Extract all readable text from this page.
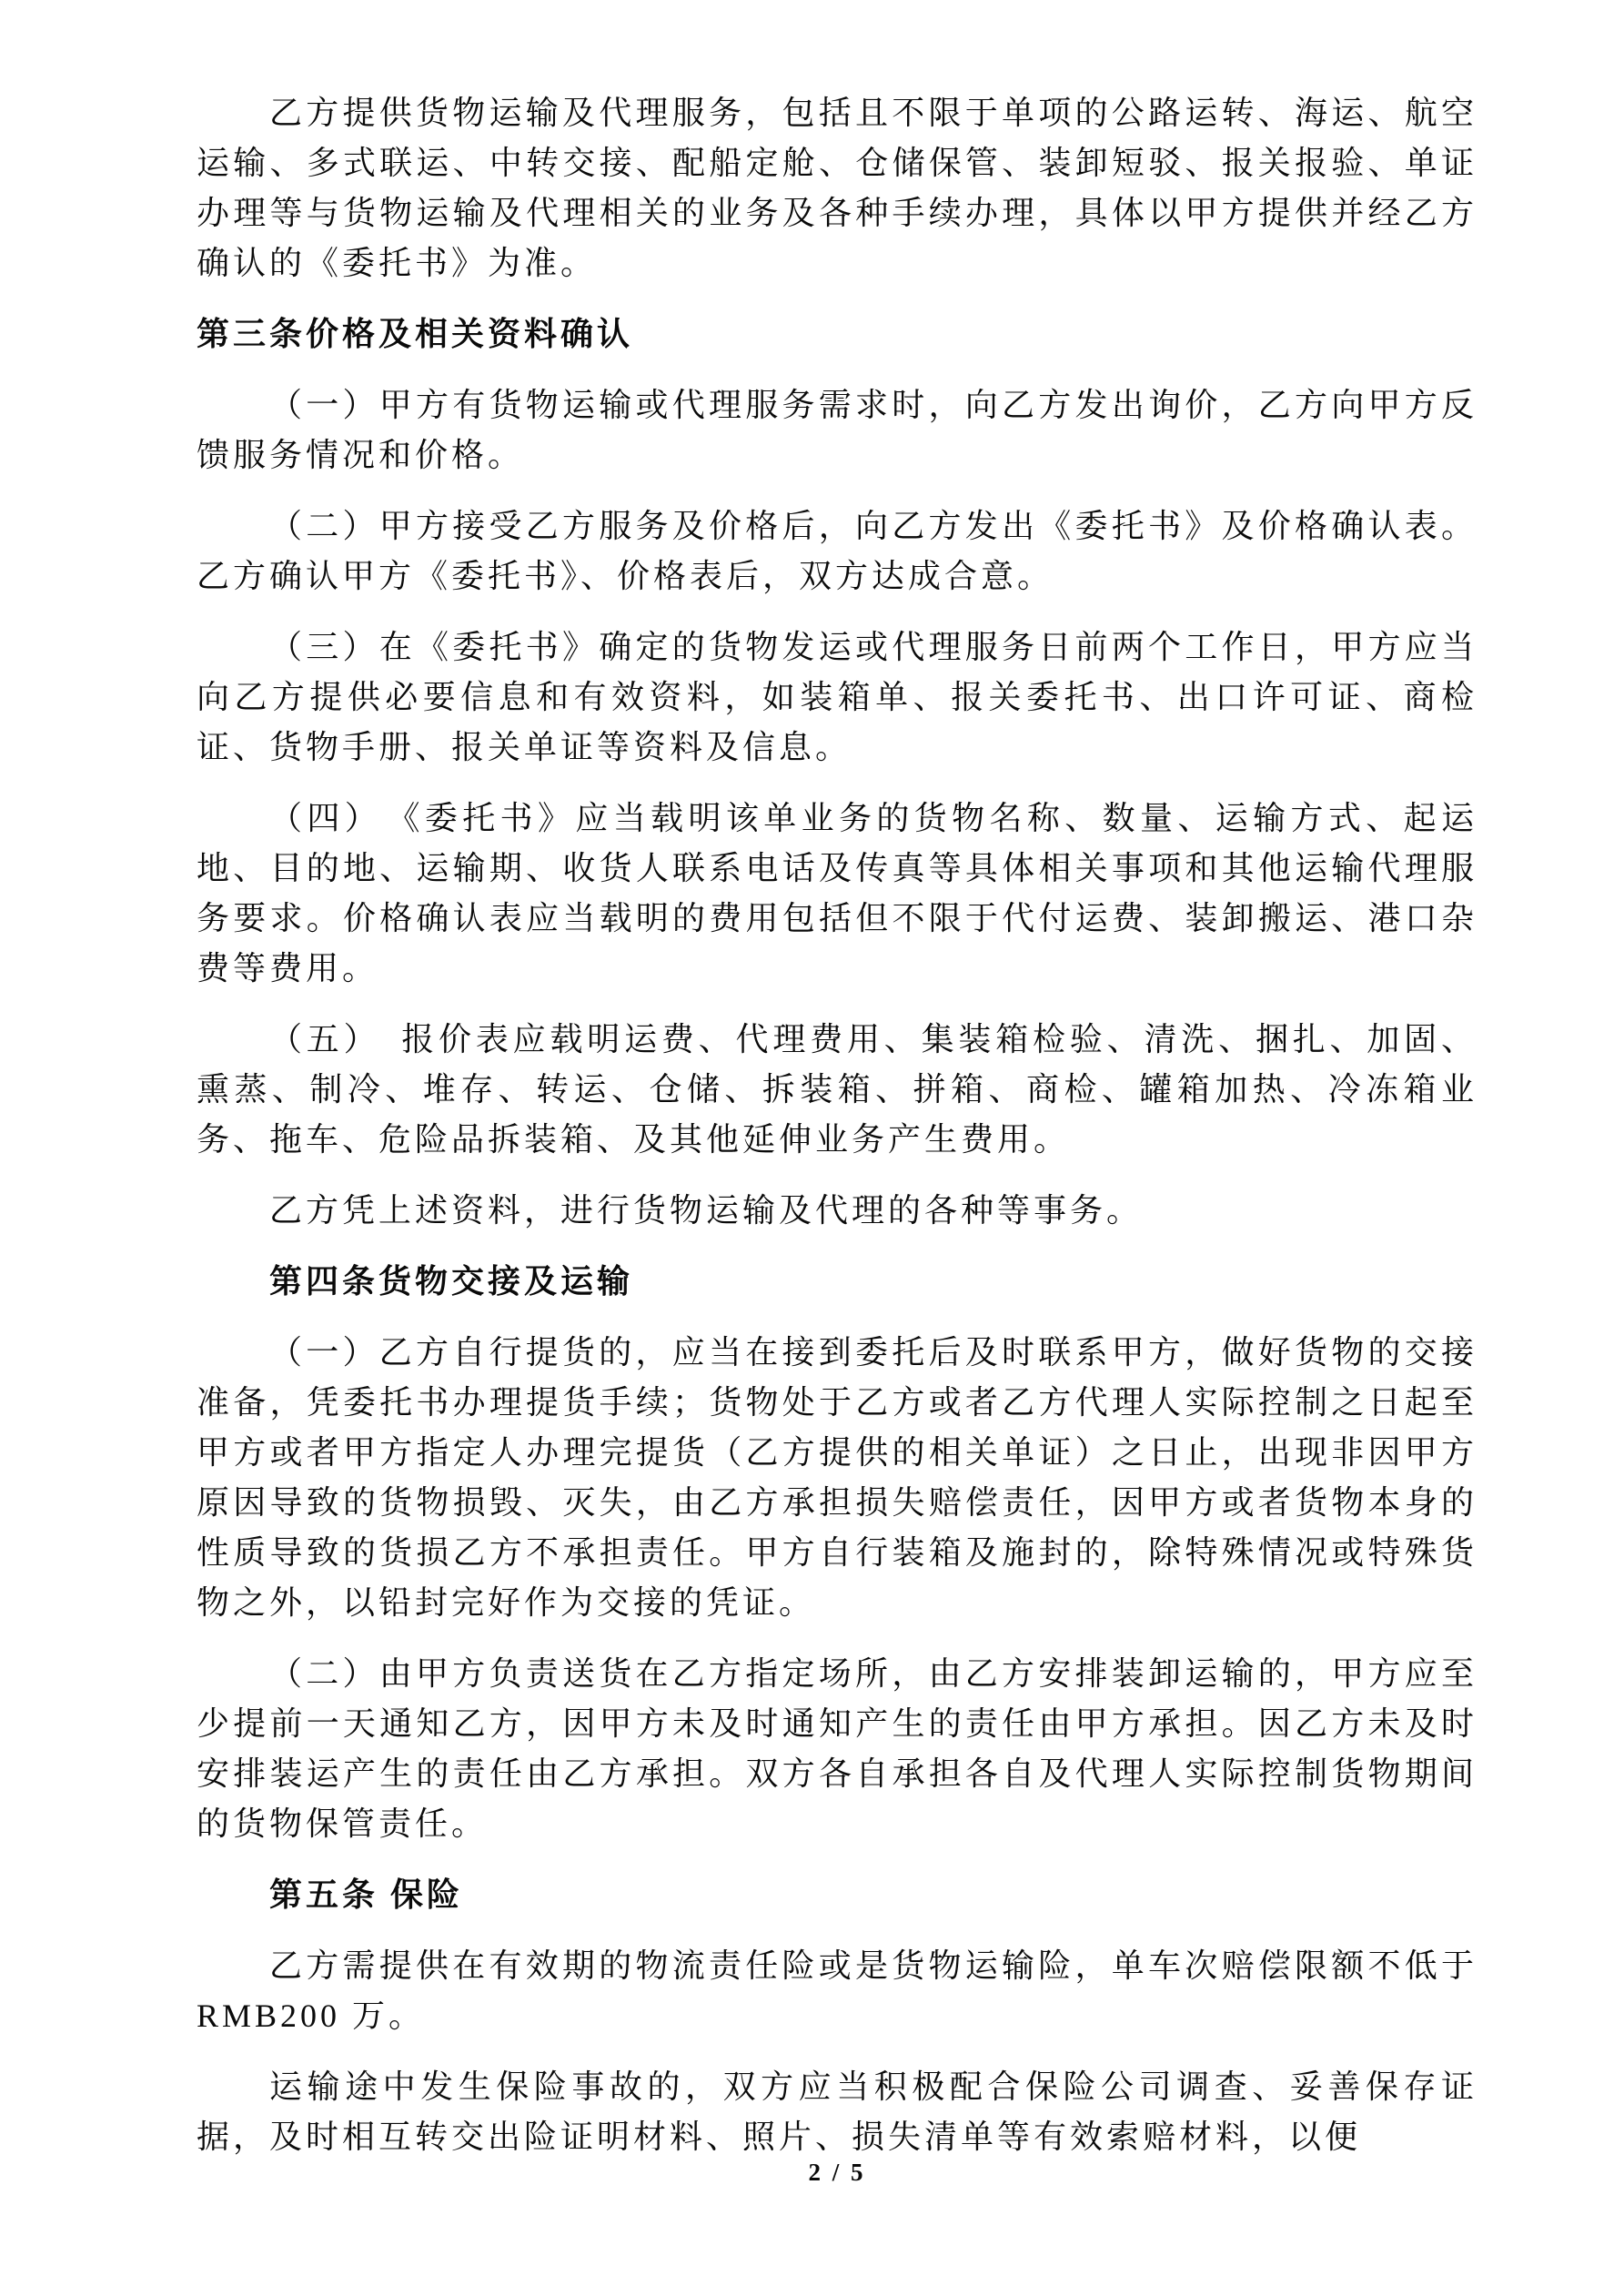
乙方提供货物运输及代理服务，包括且不限于单项的公路运转、海运、航空运输、多式联运、中转交接、配船定舱、仓储保管、装卸短驳、报关报验、单证办理等与货物运输及代理相关的业务及各种手续办理，具体以甲方提供并经乙方确认的《委托书》为准。

第三条价格及相关资料确认

（一）甲方有货物运输或代理服务需求时，向乙方发出询价，乙方向甲方反馈服务情况和价格。

（二）甲方接受乙方服务及价格后，向乙方发出《委托书》及价格确认表。乙方确认甲方《委托书》、价格表后，双方达成合意。

（三）在《委托书》确定的货物发运或代理服务日前两个工作日，甲方应当向乙方提供必要信息和有效资料，如装箱单、报关委托书、出口许可证、商检证、货物手册、报关单证等资料及信息。

（四）　《委托书》应当载明该单业务的货物名称、数量、运输方式、起运地、目的地、运输期、收货人联系电话及传真等具体相关事项和其他运输代理服务要求。价格确认表应当载明的费用包括但不限于代付运费、装卸搬运、港口杂费等费用。

（五）　报价表应载明运费、代理费用、集装箱检验、清洗、捆扎、加固、熏蒸、制冷、堆存、转运、仓储、拆装箱、拼箱、商检、罐箱加热、冷冻箱业务、拖车、危险品拆装箱、及其他延伸业务产生费用。

乙方凭上述资料，进行货物运输及代理的各种等事务。

第四条货物交接及运输

（一）乙方自行提货的，应当在接到委托后及时联系甲方，做好货物的交接准备，凭委托书办理提货手续；货物处于乙方或者乙方代理人实际控制之日起至甲方或者甲方指定人办理完提货（乙方提供的相关单证）之日止，出现非因甲方原因导致的货物损毁、灭失，由乙方承担损失赔偿责任，因甲方或者货物本身的性质导致的货损乙方不承担责任。甲方自行装箱及施封的，除特殊情况或特殊货物之外，以铅封完好作为交接的凭证。

（二）由甲方负责送货在乙方指定场所，由乙方安排装卸运输的，甲方应至少提前一天通知乙方，因甲方未及时通知产生的责任由甲方承担。因乙方未及时安排装运产生的责任由乙方承担。双方各自承担各自及代理人实际控制货物期间的货物保管责任。

第五条 保险

乙方需提供在有效期的物流责任险或是货物运输险，单车次赔偿限额不低于 RMB200 万。

运输途中发生保险事故的，双方应当积极配合保险公司调查、妥善保存证据，及时相互转交出险证明材料、照片、损失清单等有效索赔材料，以便

2 / 5
